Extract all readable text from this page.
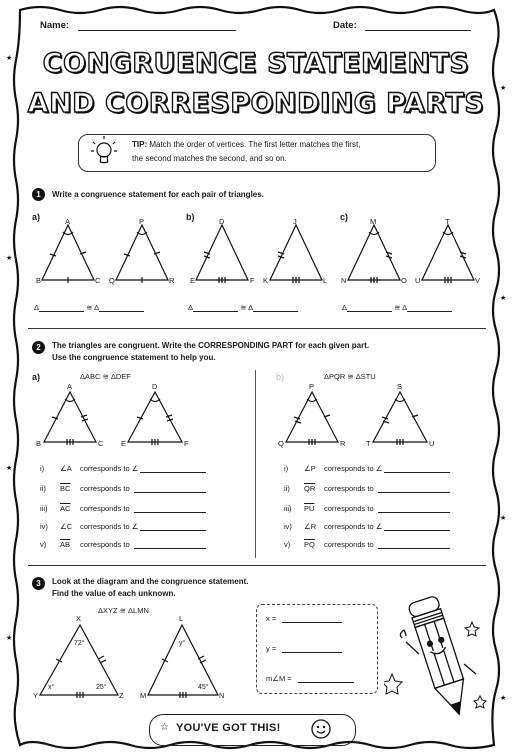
★
★
★
★
★
★
★
★
Name:	Date:
CONGRUENCE STATEMENTS
AND CORRESPONDING PARTS
TIP: Match the order of vertices. The first letter matches the first,
the second matches the second, and so on.
1	Write a congruence statement for each pair of triangles.
a)	b)	c)
A
B	C
P
Q	R
D
E	F
J
K	L
M
N	O
T
U	V
Δ	≅ Δ	Δ	≅ Δ	Δ	≅ Δ
2	The triangles are congruent. Write the CORRESPONDING PART for each given part.
Use the congruence statement to help you.
a)	ΔABC ≅ ΔDEF	b)	ΔPQR ≅ ΔSTU
A
B	C
D
E	F
P
Q	R
S
T	U
i) ∠A corresponds to ∠
ii) $\overline{BC}$ corresponds to
iii) $\overline{AC}$ corresponds to
iv) ∠C corresponds to ∠
v) $\overline{AB}$ corresponds to
i) ∠P corresponds to ∠
ii) $\overline{QR}$ corresponds to
iii) $\overline{PU}$ corresponds to
iv) ∠R corresponds to ∠
v) $\overline{PQ}$ corresponds to
3	Look at the diagram and the congruence statement.
Find the value of each unknown.
ΔXYZ ≅ ΔLMN
X
72°
Y
x°
Z
25°
L
y°
M	N
45°
x =
y =
m∠M =
☆ YOU'VE GOT THIS!
